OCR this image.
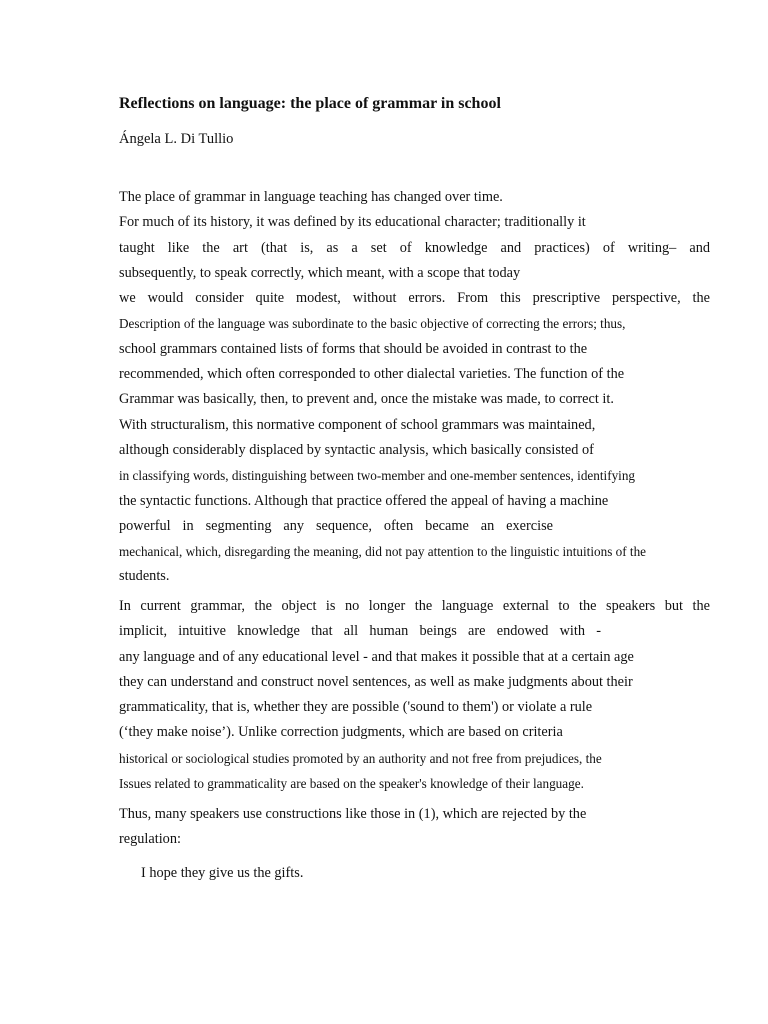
Reflections on language: the place of grammar in school
Ángela L. Di Tullio
The place of grammar in language teaching has changed over time.
For much of its history, it was defined by its educational character; traditionally it
taught like the art (that is, as a set of knowledge and practices) of writing– and
subsequently, to speak correctly, which meant, with a scope that today
we would consider quite modest, without errors. From this prescriptive perspective, the
Description of the language was subordinate to the basic objective of correcting the errors; thus,
school grammars contained lists of forms that should be avoided in contrast to the
recommended, which often corresponded to other dialectal varieties. The function of the
Grammar was basically, then, to prevent and, once the mistake was made, to correct it.
With structuralism, this normative component of school grammars was maintained,
although considerably displaced by syntactic analysis, which basically consisted of
in classifying words, distinguishing between two-member and one-member sentences, identifying
the syntactic functions. Although that practice offered the appeal of having a machine
powerful in segmenting any sequence, often became an exercise
mechanical, which, disregarding the meaning, did not pay attention to the linguistic intuitions of the
students.
In current grammar, the object is no longer the language external to the speakers but the
implicit, intuitive knowledge that all human beings are endowed with -
any language and of any educational level - and that makes it possible that at a certain age
they can understand and construct novel sentences, as well as make judgments about their
grammaticality, that is, whether they are possible ('sound to them') or violate a rule
(‘they make noise’). Unlike correction judgments, which are based on criteria
historical or sociological studies promoted by an authority and not free from prejudices, the
Issues related to grammaticality are based on the speaker's knowledge of their language.
Thus, many speakers use constructions like those in (1), which are rejected by the
regulation:
I hope they give us the gifts.
